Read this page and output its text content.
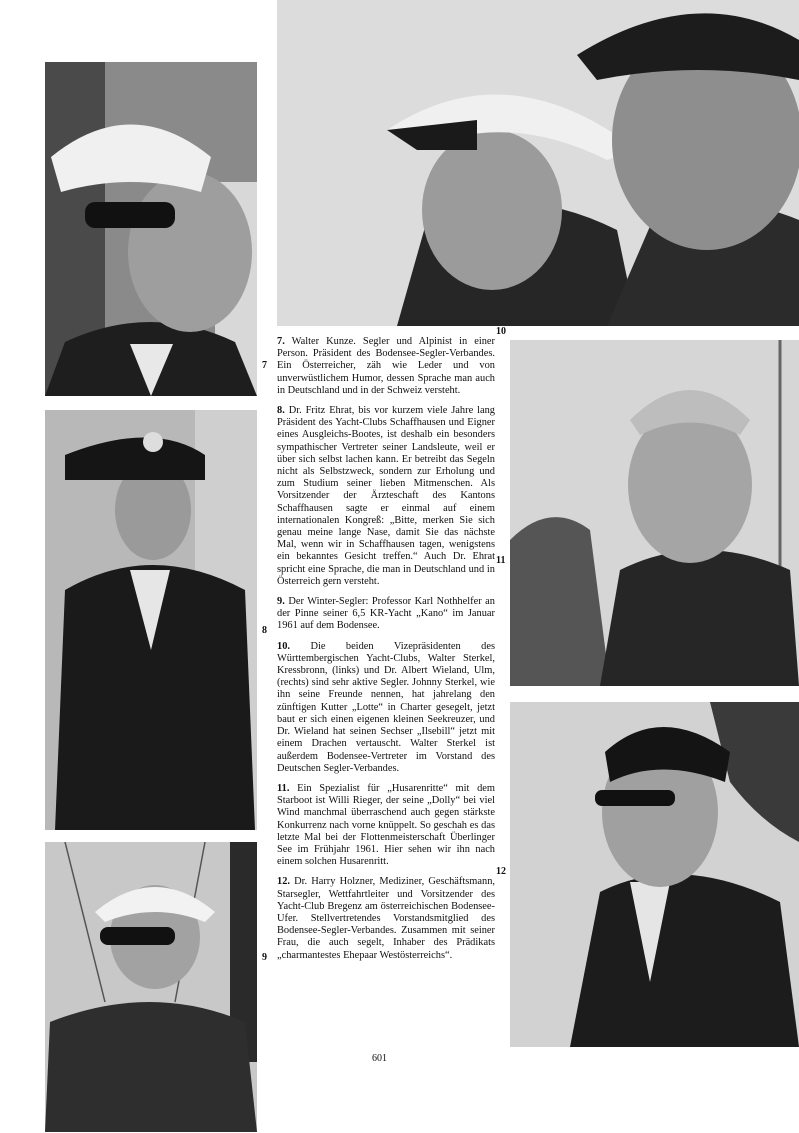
7
8
9
10
11
12

7. Walter Kunze. Segler und Alpinist in einer Person. Präsident des Bodensee-Segler-Verbandes. Ein Österreicher, zäh wie Leder und von unverwüstlichem Humor, dessen Sprache man auch in Deutschland und in der Schweiz versteht.

8. Dr. Fritz Ehrat, bis vor kurzem viele Jahre lang Präsident des Yacht-Clubs Schaffhausen und Eigner eines Ausgleichs-Bootes, ist deshalb ein besonders sympathischer Vertreter seiner Landsleute, weil er über sich selbst lachen kann. Er betreibt das Segeln nicht als Selbstzweck, sondern zur Erholung und zum Studium seiner lieben Mitmenschen. Als Vorsitzender der Ärzteschaft des Kantons Schaffhausen sagte er einmal auf einem internationalen Kongreß: „Bitte, merken Sie sich genau meine lange Nase, damit Sie das nächste Mal, wenn wir in Schaffhausen tagen, wenigstens ein bekanntes Gesicht treffen.“ Auch Dr. Ehrat spricht eine Sprache, die man in Deutschland und in Österreich gern versteht.

9. Der Winter-Segler: Professor Karl Nothhelfer an der Pinne seiner 6,5 KR-Yacht „Kano“ im Januar 1961 auf dem Bodensee.

10. Die beiden Vizepräsidenten des Württembergischen Yacht-Clubs, Walter Sterkel, Kressbronn, (links) und Dr. Albert Wieland, Ulm, (rechts) sind sehr aktive Segler. Johnny Sterkel, wie ihn seine Freunde nennen, hat jahrelang den zünftigen Kutter „Lotte“ in Charter gesegelt, jetzt baut er sich einen eigenen kleinen Seekreuzer, und Dr. Wieland hat seinen Sechser „Ilsebill“ jetzt mit einem Drachen vertauscht. Walter Sterkel ist außerdem Bodensee-Vertreter im Vorstand des Deutschen Segler-Verbandes.

11. Ein Spezialist für „Husarenritte“ mit dem Starboot ist Willi Rieger, der seine „Dolly“ bei viel Wind manchmal überraschend auch gegen stärkste Konkurrenz nach vorne knüppelt. So geschah es das letzte Mal bei der Flottenmeisterschaft Überlinger See im Frühjahr 1961. Hier sehen wir ihn nach einem solchen Husarenritt.

12. Dr. Harry Holzner, Mediziner, Geschäftsmann, Starsegler, Wettfahrtleiter und Vorsitzender des Yacht-Club Bregenz am österreichischen Bodensee-Ufer. Stellvertretendes Vorstandsmitglied des Bodensee-Segler-Verbandes. Zusammen mit seiner Frau, die auch segelt, Inhaber des Prädikats „charmantestes Ehepaar Westösterreichs“.

601
